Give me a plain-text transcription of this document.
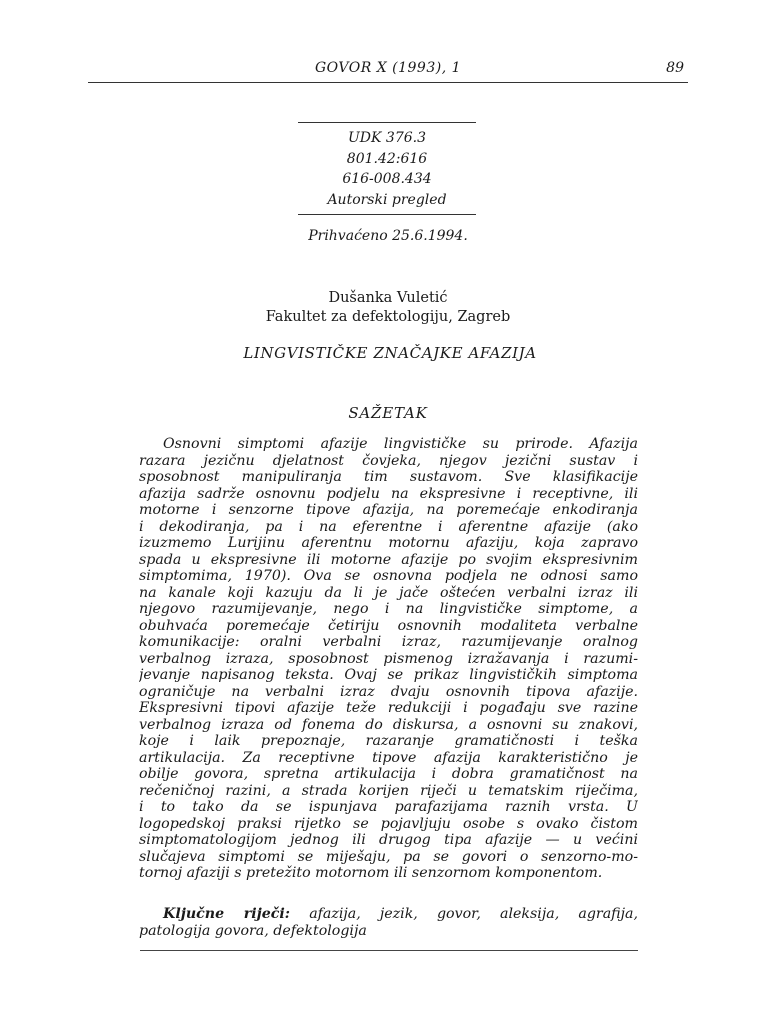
GOVOR X (1993), 1	89
UDK 376.3
801.42:616
616-008.434
Autorski pregled
Prihvaćeno 25.6.1994.
Dušanka Vuletić
Fakultet za defektologiju, Zagreb
LINGVISTIČKE ZNAČAJKE AFAZIJA
SAŽETAK
Osnovni simptomi afazije lingvističke su prirode. Afazija
razara jezičnu djelatnost čovjeka, njegov jezični sustav i
sposobnost manipuliranja tim sustavom. Sve klasifikacije
afazija sadrže osnovnu podjelu na ekspresivne i receptivne, ili
motorne i senzorne tipove afazija, na poremećaje enkodiranja
i dekodiranja, pa i na eferentne i aferentne afazije (ako
izuzmemo Lurijinu aferentnu motornu afaziju, koja zapravo
spada u ekspresivne ili motorne afazije po svojim ekspresivnim
simptomima, 1970). Ova se osnovna podjela ne odnosi samo
na kanale koji kazuju da li je jače oštećen verbalni izraz ili
njegovo razumijevanje, nego i na lingvističke simptome, a
obuhvaća poremećaje četiriju osnovnih modaliteta verbalne
komunikacije: oralni verbalni izraz, razumijevanje oralnog
verbalnog izraza, sposobnost pismenog izražavanja i razumi-
jevanje napisanog teksta. Ovaj se prikaz lingvističkih simptoma
ograničuje na verbalni izraz dvaju osnovnih tipova afazije.
Ekspresivni tipovi afazije teže redukciji i pogađaju sve razine
verbalnog izraza od fonema do diskursa, a osnovni su znakovi,
koje i laik prepoznaje, razaranje gramatičnosti i teška
artikulacija. Za receptivne tipove afazija karakteristično je
obilje govora, spretna artikulacija i dobra gramatičnost na
rečeničnoj razini, a strada korijen riječi u tematskim riječima,
i to tako da se ispunjava parafazijama raznih vrsta. U
logopedskoj praksi rijetko se pojavljuju osobe s ovako čistom
simptomatologijom jednog ili drugog tipa afazije — u većini
slučajeva simptomi se miješaju, pa se govori o senzorno-mo-
tornoj afaziji s pretežito motornom ili senzornom komponentom.
Ključne riječi: afazija, jezik, govor, aleksija, agrafija,
patologija govora, defektologija
